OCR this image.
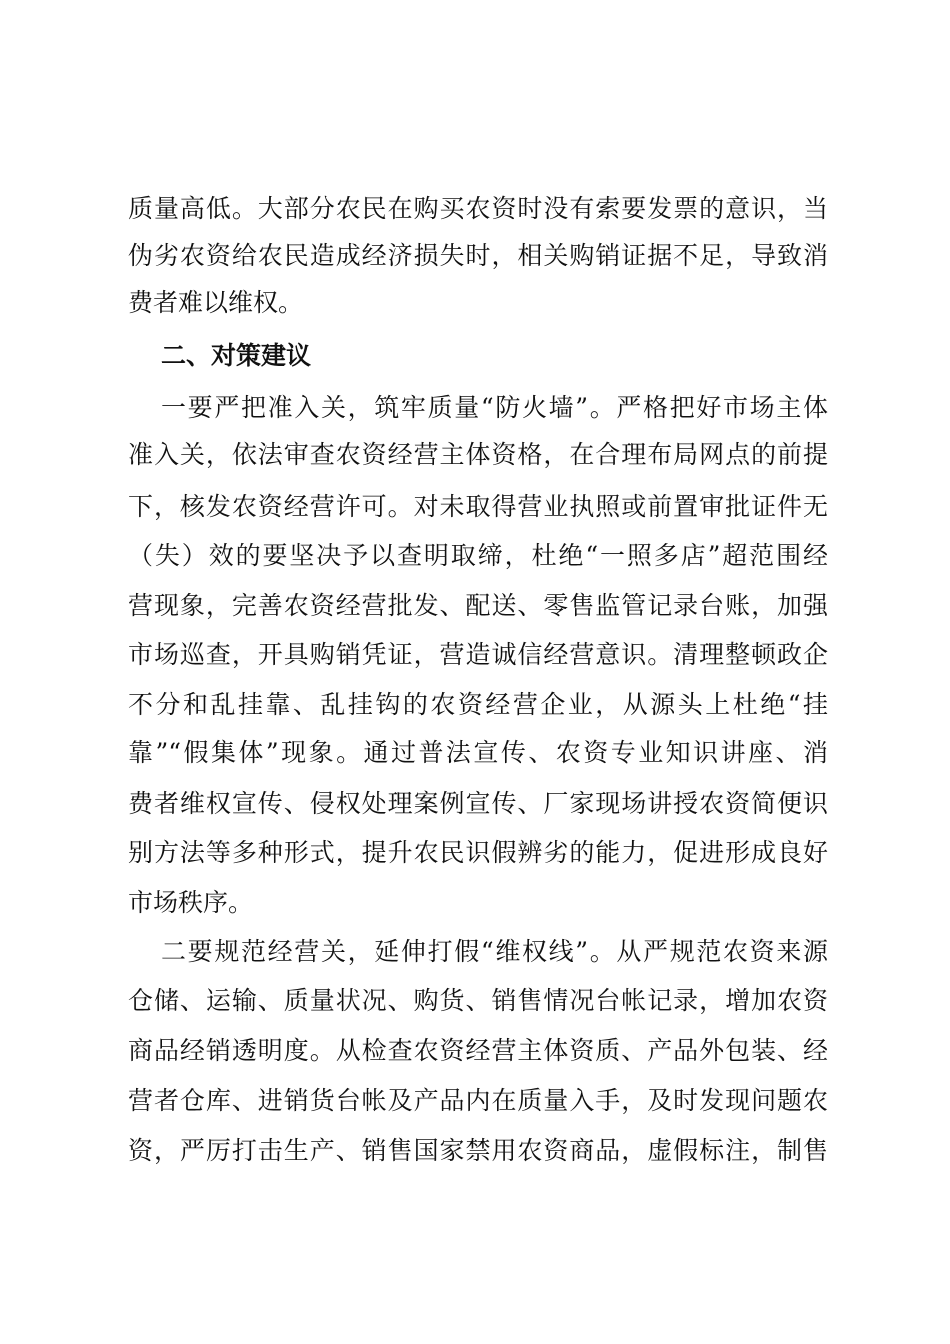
质量高低。大部分农民在购买农资时没有索要发票的意识，当
伪劣农资给农民造成经济损失时，相关购销证据不足，导致消
费者难以维权。
二、对策建议
一要严把准入关，筑牢质量“防火墙”。严格把好市场主体
准入关，依法审查农资经营主体资格，在合理布局网点的前提
下，核发农资经营许可。对未取得营业执照或前置审批证件无
（失）效的要坚决予以查明取缔，杜绝“一照多店”超范围经
营现象，完善农资经营批发、配送、零售监管记录台账，加强
市场巡查，开具购销凭证，营造诚信经营意识。清理整顿政企
不分和乱挂靠、乱挂钩的农资经营企业，从源头上杜绝“挂
靠”“假集体”现象。通过普法宣传、农资专业知识讲座、消
费者维权宣传、侵权处理案例宣传、厂家现场讲授农资简便识
别方法等多种形式，提升农民识假辨劣的能力，促进形成良好
市场秩序。
二要规范经营关，延伸打假“维权线”。从严规范农资来源
仓储、运输、质量状况、购货、销售情况台帐记录，增加农资
商品经销透明度。从检查农资经营主体资质、产品外包装、经
营者仓库、进销货台帐及产品内在质量入手，及时发现问题农
资，严厉打击生产、销售国家禁用农资商品，虚假标注，制售
